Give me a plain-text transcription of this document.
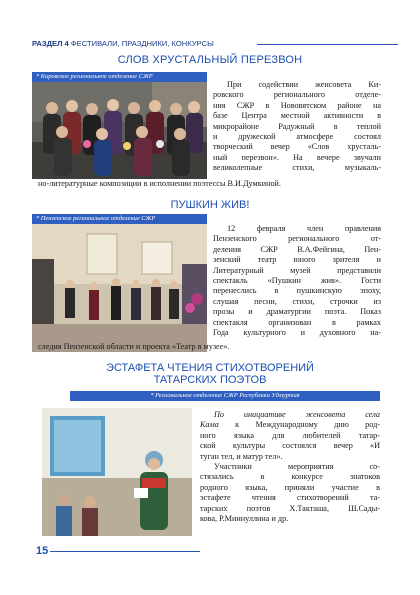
РАЗДЕЛ 4 ФЕСТИВАЛИ, ПРАЗДНИКИ, КОНКУРСЫ
СЛОВ ХРУСТАЛЬНЫЙ ПЕРЕЗВОН
* Кировское региональное отделение СЖР

При содействии женсовета Ки-
ровского регионального отделе-
ния СЖР в Нововятском районе на
базе Центра местной активности в
микрорайоне Радужный в теплой
и дружеской атмосфере состоял
творческий вечер «Слов хрусталь-
ный перезвон». На вечере звучали
великолепные стихи, музыкаль-

но-литературные композиции в исполнении поэтессы В.И.Думкиной.

ПУШКИН ЖИВ!
* Пензенское региональное отделение СЖР

12 февраля член правления
Пензенского регионального от-
деления СЖР В.А.Фейгина, Пен-
зенский театр юного зрителя и
Литературный музей представили
спектакль «Пушкин жив». Гости
перенеслись в пушкинскую эпоху,
слушая песни, стихи, строчки из
прозы и драматургии поэта. Показ
спектакля организован в рамках
Года культурного и духовного на-

следия Пензенской области и проекта «Театр в музее».

ЭСТАФЕТА ЧТЕНИЯ СТИХОТВОРЕНИЙ
ТАТАРСКИХ ПОЭТОВ
* Региональное отделение СЖР Республики Удмуртия

По инициативе женсовета села
Кама к Международному дню род-
ного языка для любителей татар-
ской культуры состоялся вечер «И
туган тел, и матур тел».
Участники мероприятия со-
стязались в конкурсе знатоков
родного языка, приняли участие в
эстафете чтения стихотворений та-
тарских поэтов Х.Такташа, Ш.Сады-
кова, Р.Миннуллина и др.

15
